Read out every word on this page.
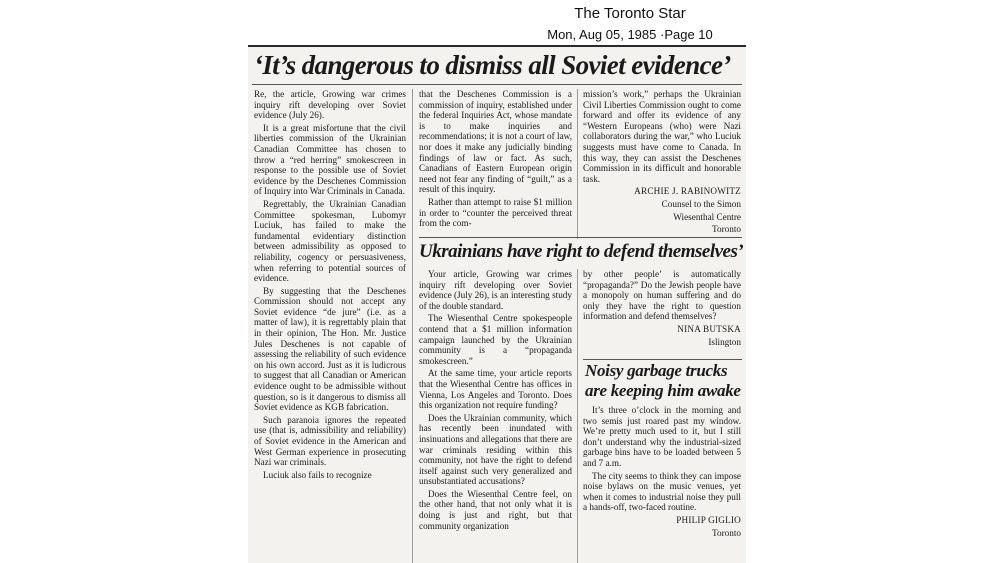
The Toronto Star
Mon, Aug 05, 1985 ·Page 10
‘It’s dangerous to dismiss all Soviet evidence’

Re, the article, Growing war crimes inquiry rift developing over Soviet evidence (July 26).

It is a great misfortune that the civil liberties commission of the Ukrainian Canadian Committee has chosen to throw a “red herring” smokescreen in response to the possible use of Soviet evidence by the Deschenes Commission of Inquiry into War Criminals in Canada.

Regrettably, the Ukrainian Canadian Committee spokesman, Lubomyr Luciuk, has failed to make the fundamental evidentiary distinction between admissibility as opposed to reliability, cogency or persuasiveness, when referring to potential sources of evidence.

By suggesting that the Deschenes Commission should not accept any Soviet evidence “de jure” (i.e. as a matter of law), it is regrettably plain that in their opinion, The Hon. Mr. Justice Jules Deschenes is not capable of assessing the reliability of such evidence on his own accord. Just as it is ludicrous to suggest that all Canadian or American evidence ought to be admissible without question, so is it dangerous to dismiss all Soviet evidence as KGB fabrication.

Such paranoia ignores the repeated use (that is, admissibility and reliability) of Soviet evidence in the American and West German experience in prosecuting Nazi war criminals.

Luciuk also fails to recognize

that the Deschenes Commission is a commission of inquiry, established under the federal Inquiries Act, whose mandate is to make inquiries and recommendations; it is not a court of law, nor does it make any judicially binding findings of law or fact. As such, Canadians of Eastern European origin need not fear any finding of “guilt,” as a result of this inquiry.

Rather than attempt to raise $1 million in order to “counter the perceived threat from the com-

mission’s work,” perhaps the Ukrainian Civil Liberties Commission ought to come forward and offer its evidence of any “Western Europeans (who) were Nazi collaborators during the war,” who Luciuk suggests must have come to Canada. In this way, they can assist the Deschenes Commission in its difficult and honorable task.

ARCHIE J. RABINOWITZ

Counsel to the Simon

Wiesenthal Centre

Toronto

Ukrainians have right to defend themselves’

Your article, Growing war crimes inquiry rift developing over Soviet evidence (July 26), is an interesting study of the double standard.

The Wiesenthal Centre spokespeople contend that a $1 million information campaign launched by the Ukrainian community is a “propaganda smokescreen.”

At the same time, your article reports that the Wiesenthal Centre has offices in Vienna, Los Angeles and Toronto. Does this organization not require funding?

Does the Ukrainian community, which has recently been inundated with insinuations and allegations that there are war criminals residing within this community, not have the right to defend itself against such very generalized and unsubstantiated accusations?

Does the Wiesenthal Centre feel, on the other hand, that not only what it is doing is just and right, but that community organization

by other people’ is automatically “propaganda?” Do the Jewish people have a monopoly on human suffering and do only they have the right to question information and defend themselves?

NINA BUTSKA

Islington

Noisy garbage trucks are keeping him awake

It’s three o’clock in the morning and two semis just roared past my window. We’re pretty much used to it, but I still don’t understand why the industrial-sized garbage bins have to be loaded between 5 and 7 a.m.

The city seems to think they can impose noise bylaws on the music venues, yet when it comes to industrial noise they pull a hands-off, two-faced routine.

PHILIP GIGLIO

Toronto
